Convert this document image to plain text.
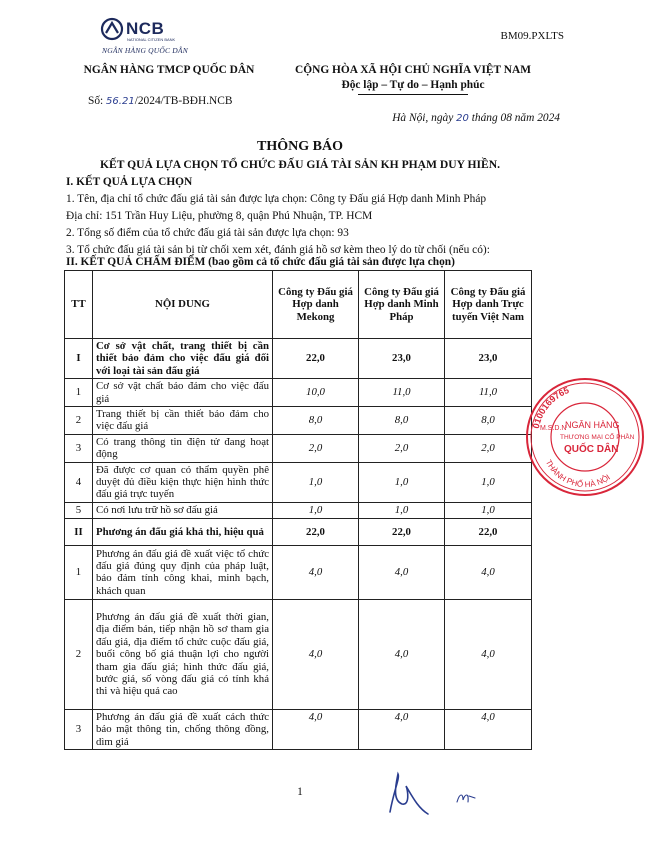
NCB
NATIONAL CITIZEN BANK
NGÂN HÀNG QUỐC DÂN
BM09.PXLTS
NGÂN HÀNG TMCP QUỐC DÂN	CỘNG HÒA XÃ HỘI CHỦ NGHĨA VIỆT NAM
Độc lập – Tự do – Hạnh phúc
Số: 56.21/2024/TB-BĐH.NCB
Hà Nội, ngày 20 tháng 08 năm 2024
THÔNG BÁO
KẾT QUẢ LỰA CHỌN TỔ CHỨC ĐẤU GIÁ TÀI SẢN KH PHẠM DUY HIỀN.
I. KẾT QUẢ LỰA CHỌN
1. Tên, địa chỉ tổ chức đấu giá tài sản được lựa chọn: Công ty Đấu giá Hợp danh Minh Pháp
Địa chỉ: 151 Trần Huy Liệu, phường 8, quận Phú Nhuận, TP. HCM
2. Tổng số điểm của tổ chức đấu giá tài sản được lựa chọn: 93
3. Tổ chức đấu giá tài sản bị từ chối xem xét, đánh giá hồ sơ kèm theo lý do từ chối (nếu có):
II. KẾT QUẢ CHẤM ĐIỂM (bao gồm cả tổ chức đấu giá tài sản được lựa chọn)
TT	NỘI DUNG	Công ty Đấu giá Hợp danh Mekong	Công ty Đấu giá Hợp danh Minh Pháp	Công ty Đấu giá Hợp danh Trực tuyến Việt Nam
I	Cơ sở vật chất, trang thiết bị cần thiết bảo đảm cho việc đấu giá đối với loại tài sản đấu giá	22,0	23,0	23,0
1	Cơ sở vật chất bảo đảm cho việc đấu giá	10,0	11,0	11,0
2	Trang thiết bị cần thiết bảo đảm cho việc đấu giá	8,0	8,0	8,0
3	Có trang thông tin điện tử đang hoạt động	2,0	2,0	2,0
4	Đã được cơ quan có thẩm quyền phê duyệt đủ điều kiện thực hiện hình thức đấu giá trực tuyến	1,0	1,0	1,0
5	Có nơi lưu trữ hồ sơ đấu giá	1,0	1,0	1,0
II	Phương án đấu giá khả thi, hiệu quả	22,0	22,0	22,0
1	Phương án đấu giá đề xuất việc tổ chức đấu giá đúng quy định của pháp luật, bảo đảm tính công khai, minh bạch, khách quan	4,0	4,0	4,0
2	Phương án đấu giá đề xuất thời gian, địa điểm bán, tiếp nhận hồ sơ tham gia đấu giá, địa điểm tổ chức cuộc đấu giá, buổi công bố giá thuận lợi cho người tham gia đấu giá; hình thức đấu giá, bước giá, số vòng đấu giá có tính khả thi và hiệu quả cao	4,0	4,0	4,0
3	Phương án đấu giá đề xuất cách thức bảo mật thông tin, chống thông đồng, dìm giá	4,0	4,0	4,0
0100169765
THÀNH PHỐ HÀ NỘI
M.S.D.N
NGÂN HÀNG
THƯƠNG MẠI CỔ PHẦN
QUỐC DÂN
1
